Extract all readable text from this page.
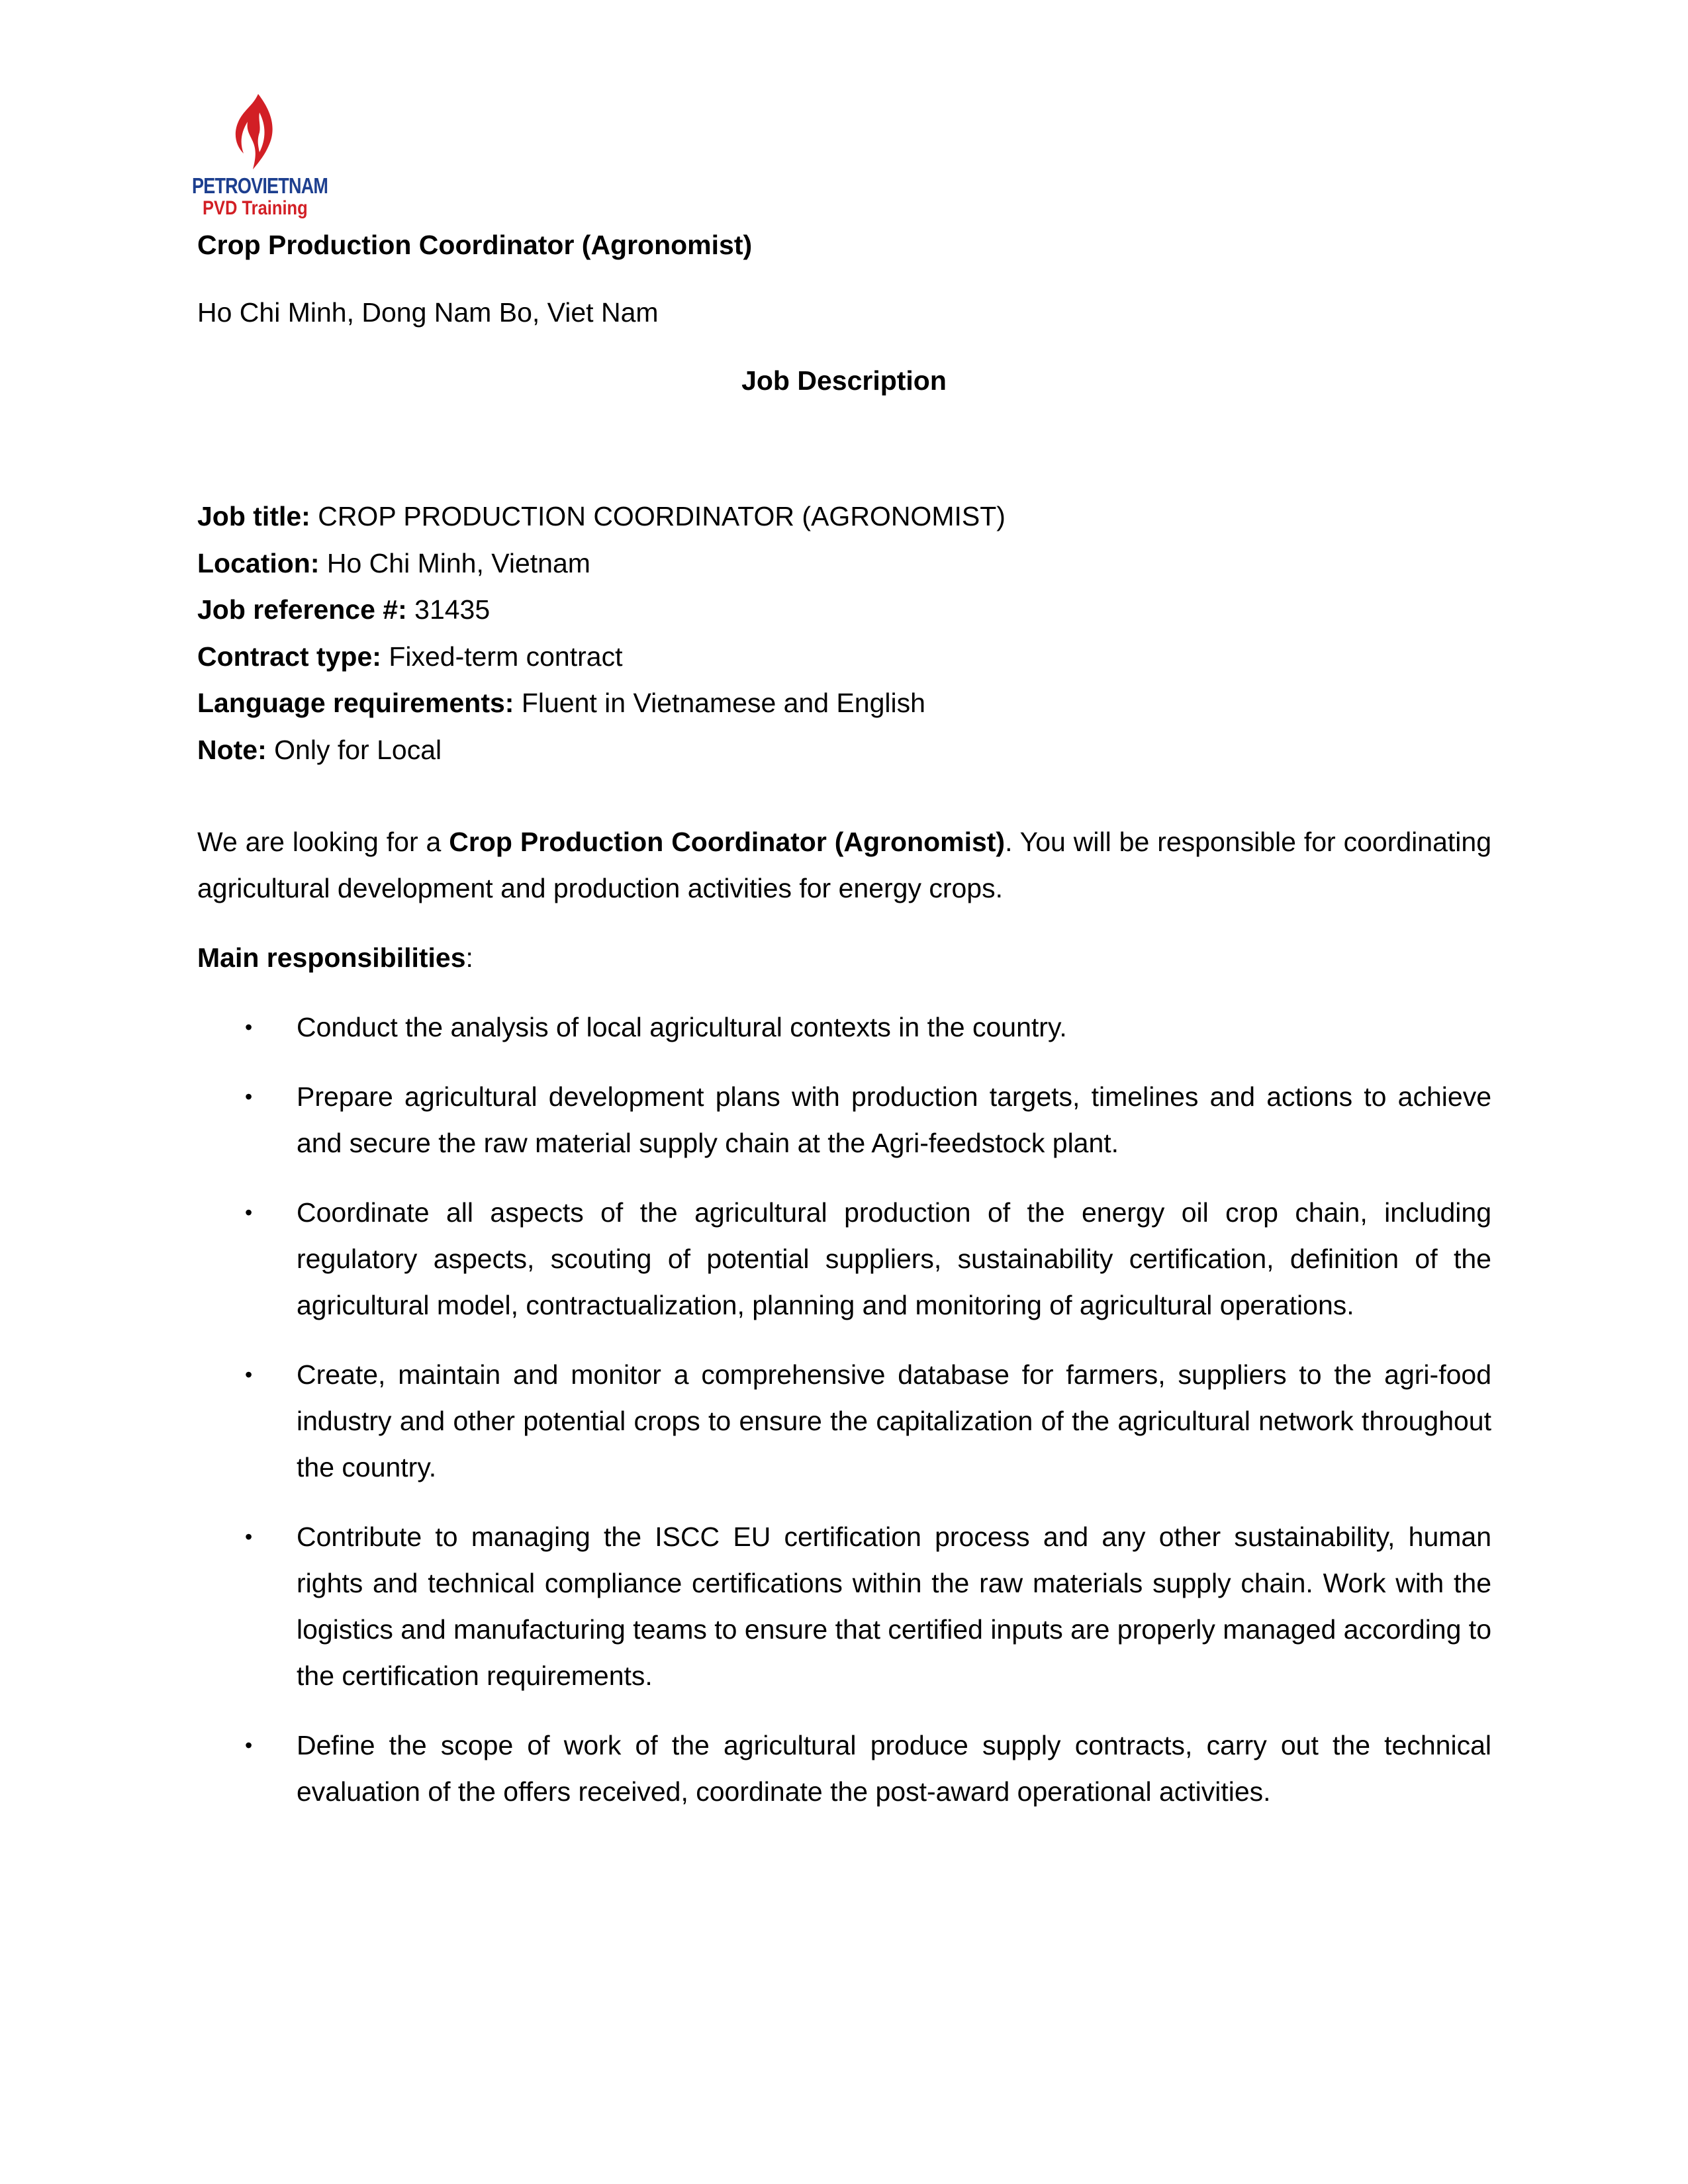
PETROVIETNAM
PVD Training
Crop Production Coordinator (Agronomist)
Ho Chi Minh, Dong Nam Bo, Viet Nam
Job Description
Job title: CROP PRODUCTION COORDINATOR (AGRONOMIST)
Location: Ho Chi Minh, Vietnam
Job reference #: 31435
Contract type: Fixed-term contract
Language requirements: Fluent in Vietnamese and English
Note: Only for Local
We are looking for a Crop Production Coordinator (Agronomist). You will be responsible for coordinating agricultural development and production activities for energy crops.
Main responsibilities:
• Conduct the analysis of local agricultural contexts in the country.
• Prepare agricultural development plans with production targets, timelines and actions to achieve and secure the raw material supply chain at the Agri-feedstock plant.
• Coordinate all aspects of the agricultural production of the energy oil crop chain, including regulatory aspects, scouting of potential suppliers, sustainability certification, definition of the agricultural model, contractualization, planning and monitoring of agricultural operations.
• Create, maintain and monitor a comprehensive database for farmers, suppliers to the agri-food industry and other potential crops to ensure the capitalization of the agricultural network throughout the country.
• Contribute to managing the ISCC EU certification process and any other sustainability, human rights and technical compliance certifications within the raw materials supply chain. Work with the logistics and manufacturing teams to ensure that certified inputs are properly managed according to the certification requirements.
• Define the scope of work of the agricultural produce supply contracts, carry out the technical evaluation of the offers received, coordinate the post-award operational activities.
